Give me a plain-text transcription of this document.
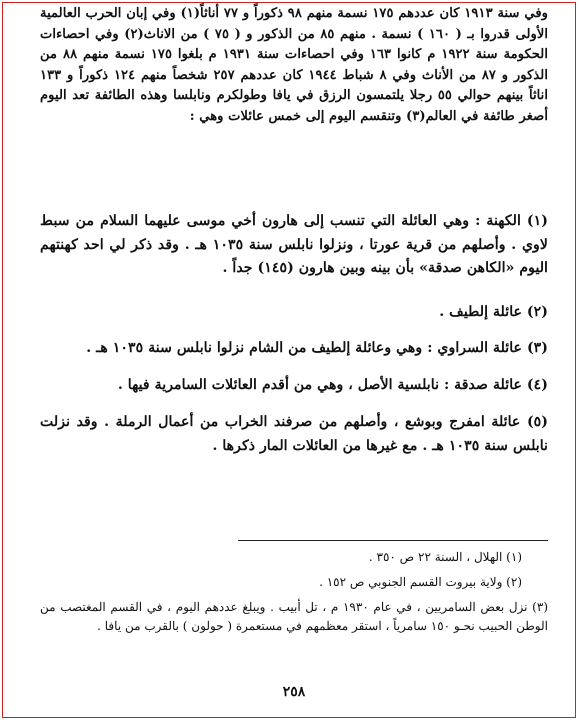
وفي سنة ١٩١٣ كان عددهم ١٧٥ نسمة منهم ٩٨ ذكوراً و ٧٧ أناثاً(١) وفي إبان الحرب العالمية الأولى قدروا بـ ( ١٦٠ ) نسمة . منهم ٨٥ من الذكور و ( ٧٥ ) من الاناث(٢) وفي احصاءات الحكومة سنة ١٩٢٢ م كانوا ١٦٣ وفي احصاءات سنة ١٩٣١ م بلغوا ١٧٥ نسمة منهم ٨٨ من الذكور و ٨٧ من الأناث وفي ٨ شباط ١٩٤٤ كان عددهم ٢٥٧ شخصاً منهم ١٢٤ ذكوراً و ١٣٣ اناثاً بينهم حوالي ٥٥ رجلا يلتمسون الرزق في يافا وطولكرم ونابلسا وهذه الطائفة تعد اليوم أصغر طائفة في العالم(٣) وتنقسم اليوم إلى خمس عائلات وهي :

(١) الكهنة : وهي العائلة التي تنسب إلى هارون أخي موسى عليهما السلام من سبط لاوي . وأصلهم من قرية عورتا ، ونزلوا نابلس سنة ١٠٣٥ هـ . وقد ذكر لي احد كهنتهم اليوم «الكاهن صدقة» بأن بينه وبين هارون (١٤٥) جداً .

(٢) عائلة إلطيف .

(٣) عائلة السراوي : وهي وعائلة إلطيف من الشام نزلوا نابلس سنة ١٠٣٥ هـ .

(٤) عائلة صدقة : نابلسية الأصل ، وهي من أقدم العائلات السامرية فيها .

(٥) عائلة امفرج وبوشع ، وأصلهم من صرفند الخراب من أعمال الرملة . وقد نزلت نابلس سنة ١٠٣٥ هـ . مع غيرها من العائلات المار ذكرها .

(١) الهلال ، السنة ٢٢ ص ٣٥٠ .

(٢) ولاية بيروت القسم الجنوبي ص ١٥٢ .

(٣) نزل بعض السامريين ، في عام ١٩٣٠ م ، تل أبيب . ويبلغ عددهم اليوم ، في القسم المغتصب من الوطن الحبيب نحـو ١٥٠ سامرياً ، استقر معظمهم في مستعمرة ( حولون ) بالقرب من يافا .

٢٥٨
